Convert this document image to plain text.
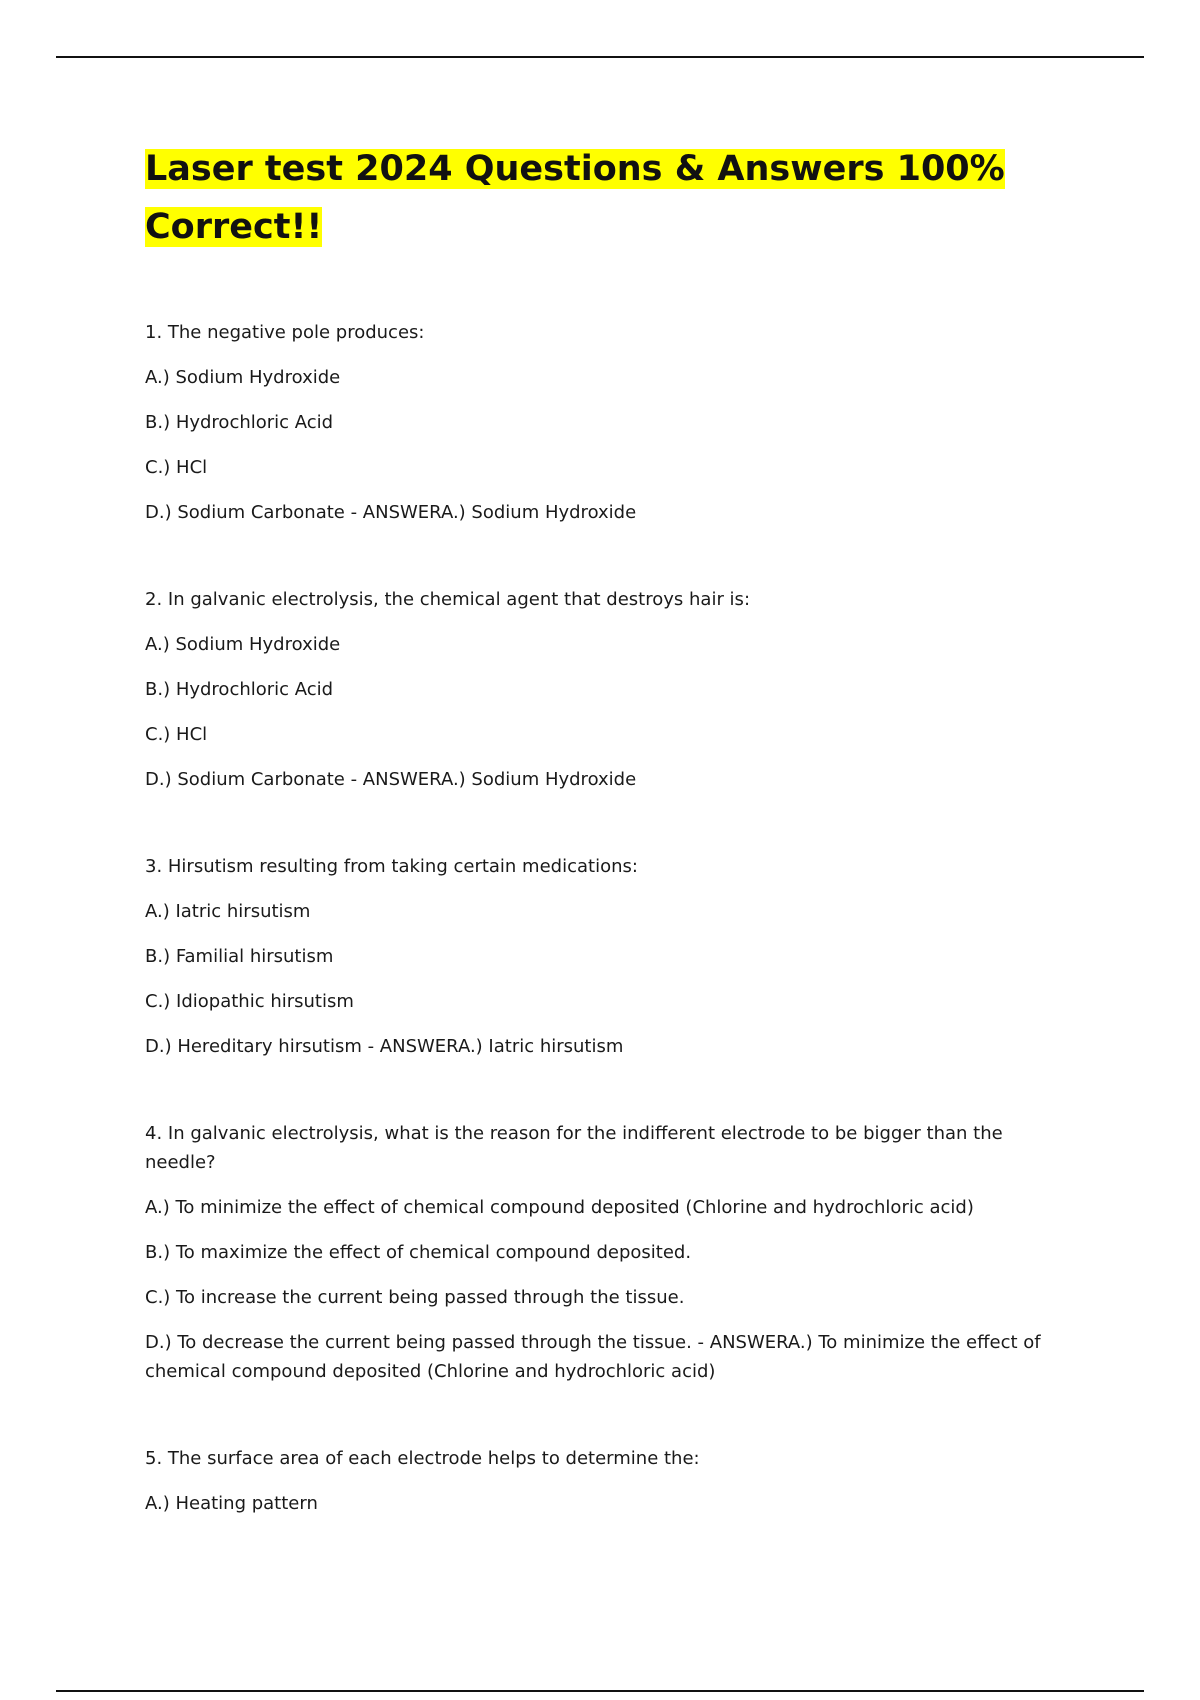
Laser test 2024 Questions & Answers 100% Correct!!

1. The negative pole produces:

A.) Sodium Hydroxide

B.) Hydrochloric Acid

C.) HCl

D.) Sodium Carbonate - ANSWERA.) Sodium Hydroxide

2. In galvanic electrolysis, the chemical agent that destroys hair is:

A.) Sodium Hydroxide

B.) Hydrochloric Acid

C.) HCl

D.) Sodium Carbonate - ANSWERA.) Sodium Hydroxide

3. Hirsutism resulting from taking certain medications:

A.) Iatric hirsutism

B.) Familial hirsutism

C.) Idiopathic hirsutism

D.) Hereditary hirsutism - ANSWERA.) Iatric hirsutism

4. In galvanic electrolysis, what is the reason for the indifferent electrode to be bigger than the needle?

A.) To minimize the effect of chemical compound deposited (Chlorine and hydrochloric acid)

B.) To maximize the effect of chemical compound deposited.

C.) To increase the current being passed through the tissue.

D.) To decrease the current being passed through the tissue. - ANSWERA.) To minimize the effect of chemical compound deposited (Chlorine and hydrochloric acid)

5. The surface area of each electrode helps to determine the:

A.) Heating pattern
